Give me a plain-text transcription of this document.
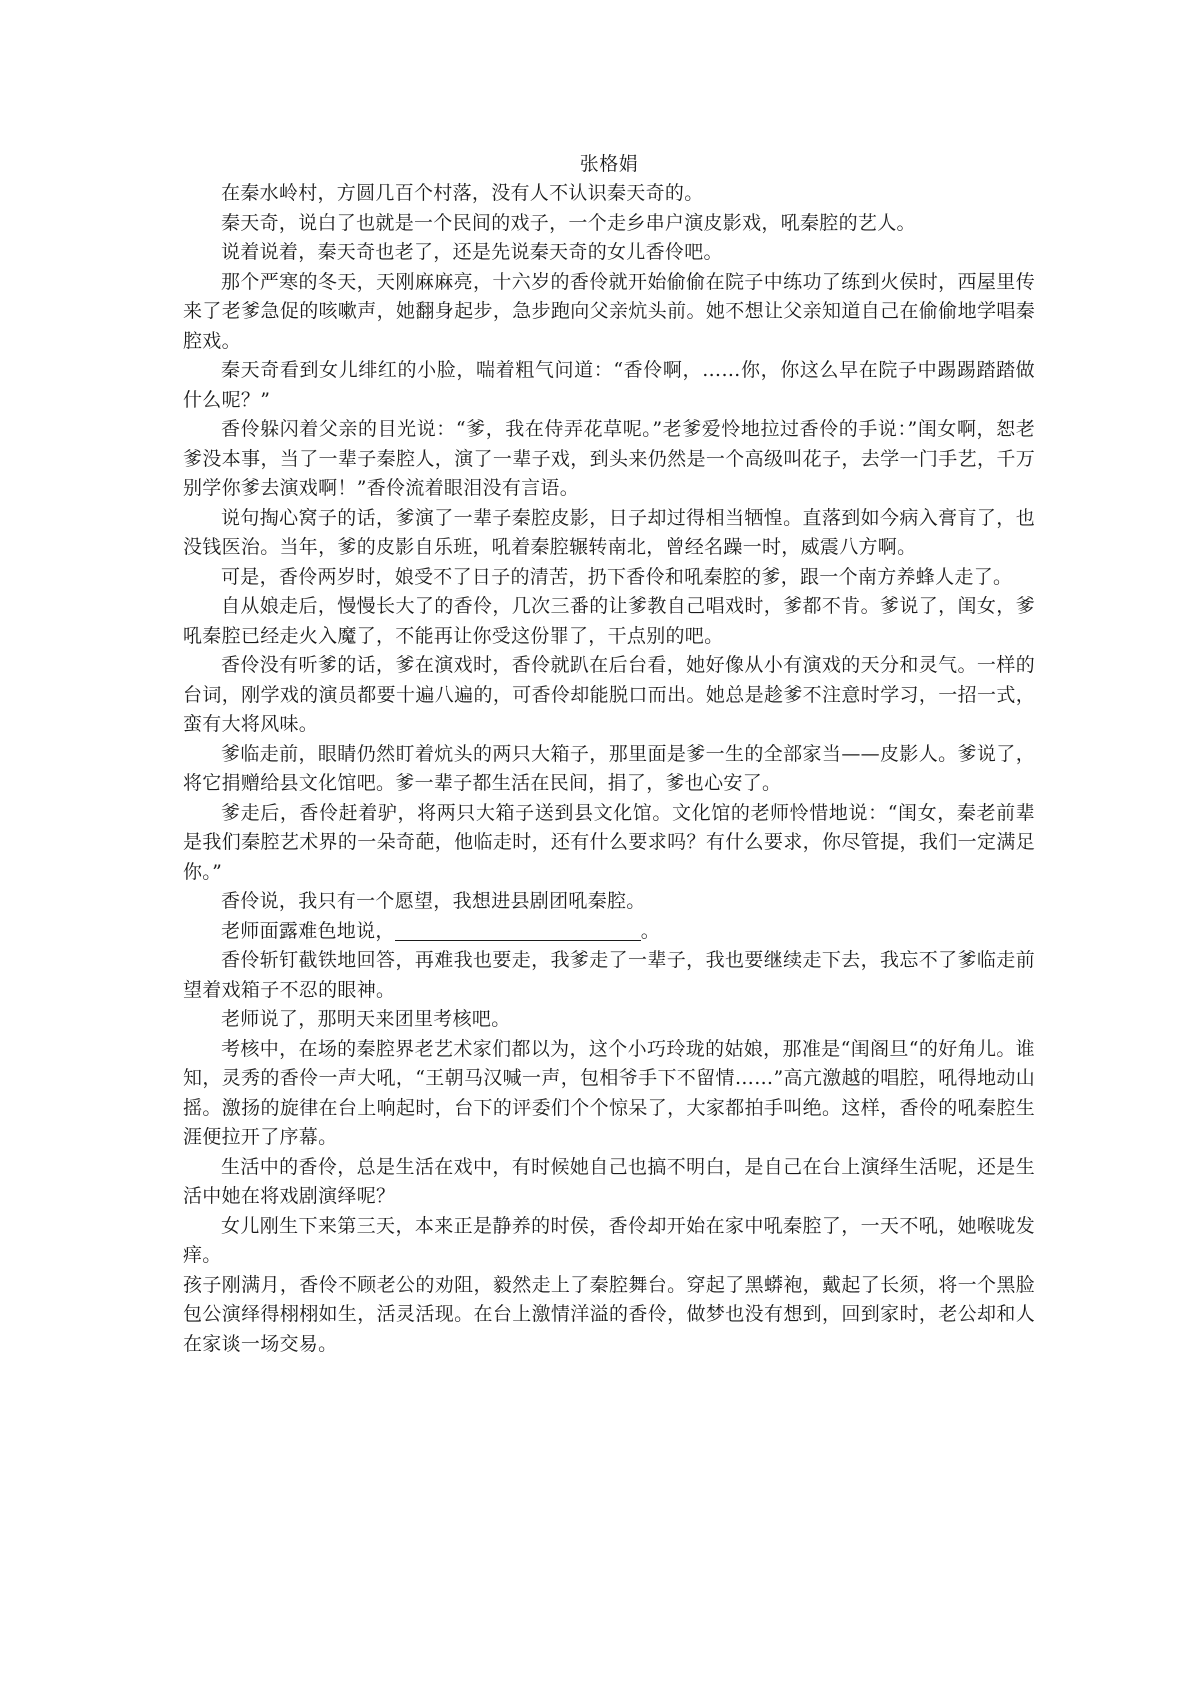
张格娟

在秦水岭村，方圆几百个村落，没有人不认识秦天奇的。

秦天奇，说白了也就是一个民间的戏子，一个走乡串户演皮影戏，吼秦腔的艺人。

说着说着，秦天奇也老了，还是先说秦天奇的女儿香伶吧。

那个严寒的冬天，天刚麻麻亮，十六岁的香伶就开始偷偷在院子中练功了练到火侯时，西屋里传来了老爹急促的咳嗽声，她翻身起步，急步跑向父亲炕头前。她不想让父亲知道自己在偷偷地学唱秦腔戏。

秦天奇看到女儿绯红的小脸，喘着粗气问道：“香伶啊，……你，你这么早在院子中踢踢踏踏做什么呢？”

香伶躲闪着父亲的目光说：“爹，我在侍弄花草呢。”老爹爱怜地拉过香伶的手说：”闺女啊，恕老爹没本事，当了一辈子秦腔人，演了一辈子戏，到头来仍然是一个高级叫花子，去学一门手艺，千万别学你爹去演戏啊！”香伶流着眼泪没有言语。

说句掏心窝子的话，爹演了一辈子秦腔皮影，日子却过得相当牺惶。直落到如今病入膏肓了，也没钱医治。当年，爹的皮影自乐班，吼着秦腔辗转南北，曾经名躁一时，威震八方啊。

可是，香伶两岁时，娘受不了日子的清苦，扔下香伶和吼秦腔的爹，跟一个南方养蜂人走了。

自从娘走后，慢慢长大了的香伶，几次三番的让爹教自己唱戏时，爹都不肯。爹说了，闺女，爹吼秦腔已经走火入魔了，不能再让你受这份罪了，干点别的吧。

香伶没有听爹的话，爹在演戏时，香伶就趴在后台看，她好像从小有演戏的天分和灵气。一样的台词，刚学戏的演员都要十遍八遍的，可香伶却能脱口而出。她总是趁爹不注意时学习，一招一式，蛮有大将风味。

爹临走前，眼睛仍然盯着炕头的两只大箱子，那里面是爹一生的全部家当——皮影人。爹说了，将它捐赠给县文化馆吧。爹一辈子都生活在民间，捐了，爹也心安了。

爹走后，香伶赶着驴，将两只大箱子送到县文化馆。文化馆的老师怜惜地说：“闺女，秦老前辈是我们秦腔艺术界的一朵奇葩，他临走时，还有什么要求吗？有什么要求，你尽管提，我们一定满足你。”

香伶说，我只有一个愿望，我想进县剧团吼秦腔。

老师面露难色地说，	。

香伶斩钉截铁地回答，再难我也要走，我爹走了一辈子，我也要继续走下去，我忘不了爹临走前望着戏箱子不忍的眼神。

老师说了，那明天来团里考核吧。

考核中，在场的秦腔界老艺术家们都以为，这个小巧玲珑的姑娘，那准是“闺阁旦“的好角儿。谁知，灵秀的香伶一声大吼，“王朝马汉喊一声，包相爷手下不留情……”高亢激越的唱腔，吼得地动山摇。激扬的旋律在台上响起时，台下的评委们个个惊呆了，大家都拍手叫绝。这样，香伶的吼秦腔生涯便拉开了序幕。

生活中的香伶，总是生活在戏中，有时候她自己也搞不明白，是自己在台上演绎生活呢，还是生活中她在将戏剧演绎呢？

女儿刚生下来第三天，本来正是静养的时侯，香伶却开始在家中吼秦腔了，一天不吼，她喉咙发痒。

孩子刚满月，香伶不顾老公的劝阻，毅然走上了秦腔舞台。穿起了黑蟒袍，戴起了长须，将一个黑脸包公演绎得栩栩如生，活灵活现。在台上激情洋溢的香伶，做梦也没有想到，回到家时，老公却和人在家谈一场交易。
